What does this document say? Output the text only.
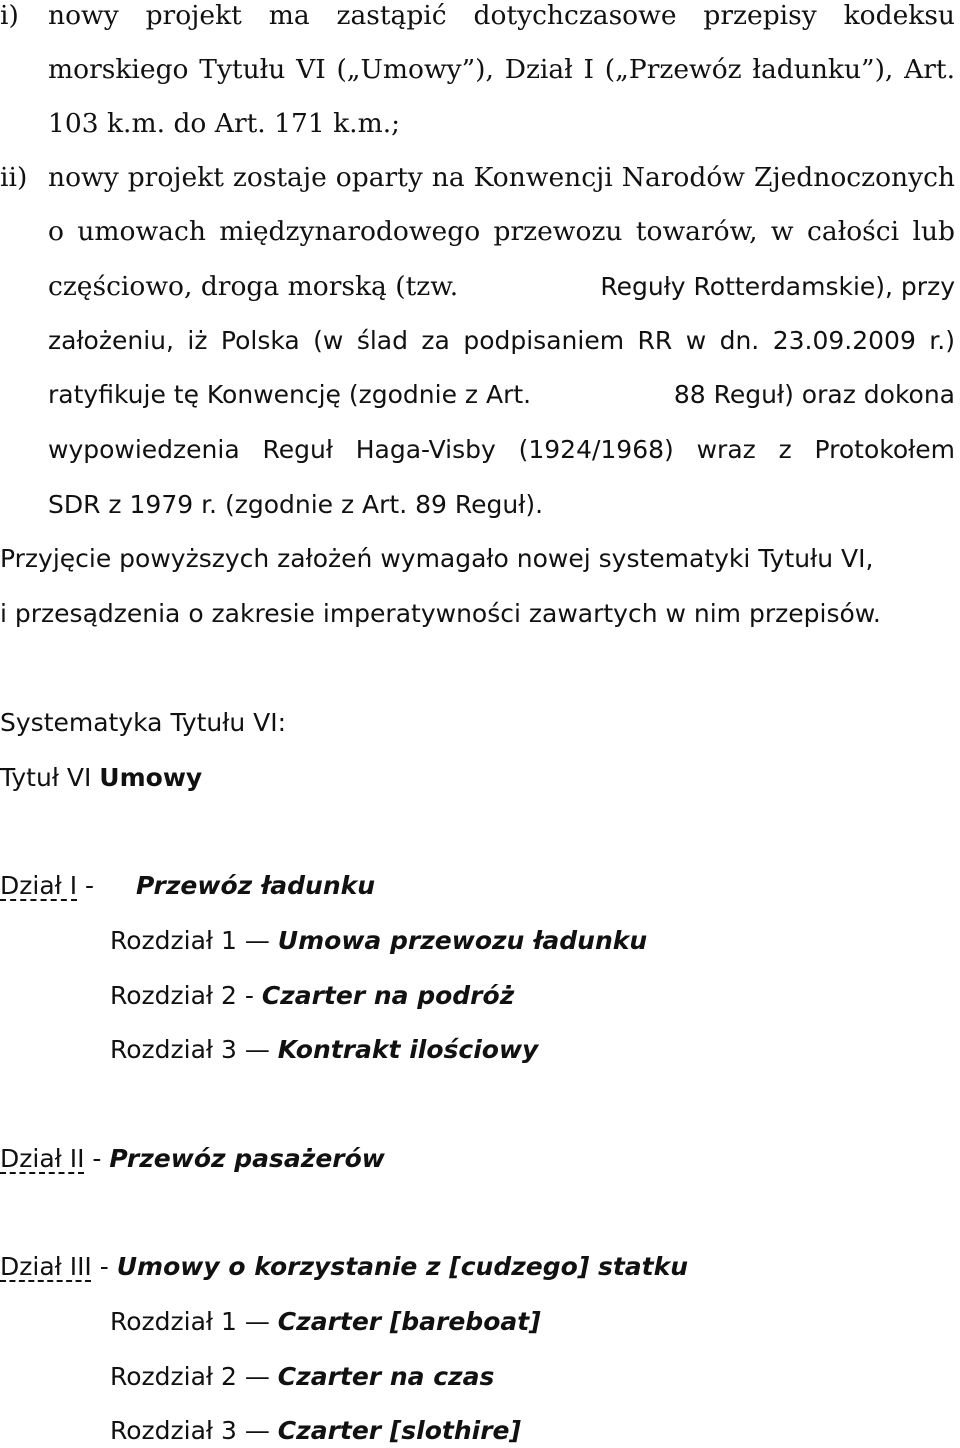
i) nowy projekt ma zastąpić dotychczasowe przepisy kodeksu
morskiego Tytułu VI („Umowy”), Dział I („Przewóz ładunku”), Art.
103 k.m. do Art. 171 k.m.;
ii) nowy projekt zostaje oparty na Konwencji Narodów Zjednoczonych
o umowach międzynarodowego przewozu towarów, w całości lub
częściowo, droga morską (tzw.	Reguły Rotterdamskie), przy
założeniu, iż Polska (w ślad za podpisaniem RR w dn. 23.09.2009 r.)
ratyfikuje tę Konwencję (zgodnie z Art.	88 Reguł) oraz dokona
wypowiedzenia Reguł Haga-Visby (1924/1968) wraz z Protokołem
SDR z 1979 r. (zgodnie z Art. 89 Reguł).
Przyjęcie powyższych założeń wymagało nowej systematyki Tytułu VI,
i przesądzenia o zakresie imperatywności zawartych w nim przepisów.
Systematyka Tytułu VI:
Tytuł VI Umowy
Dział I - Przewóz ładunku
Rozdział 1 — Umowa przewozu ładunku
Rozdział 2 - Czarter na podróż
Rozdział 3 — Kontrakt ilościowy
Dział II - Przewóz pasażerów
Dział III - Umowy o korzystanie z [cudzego] statku
Rozdział 1 — Czarter [bareboat]
Rozdział 2 — Czarter na czas
Rozdział 3 — Czarter [slothire]
